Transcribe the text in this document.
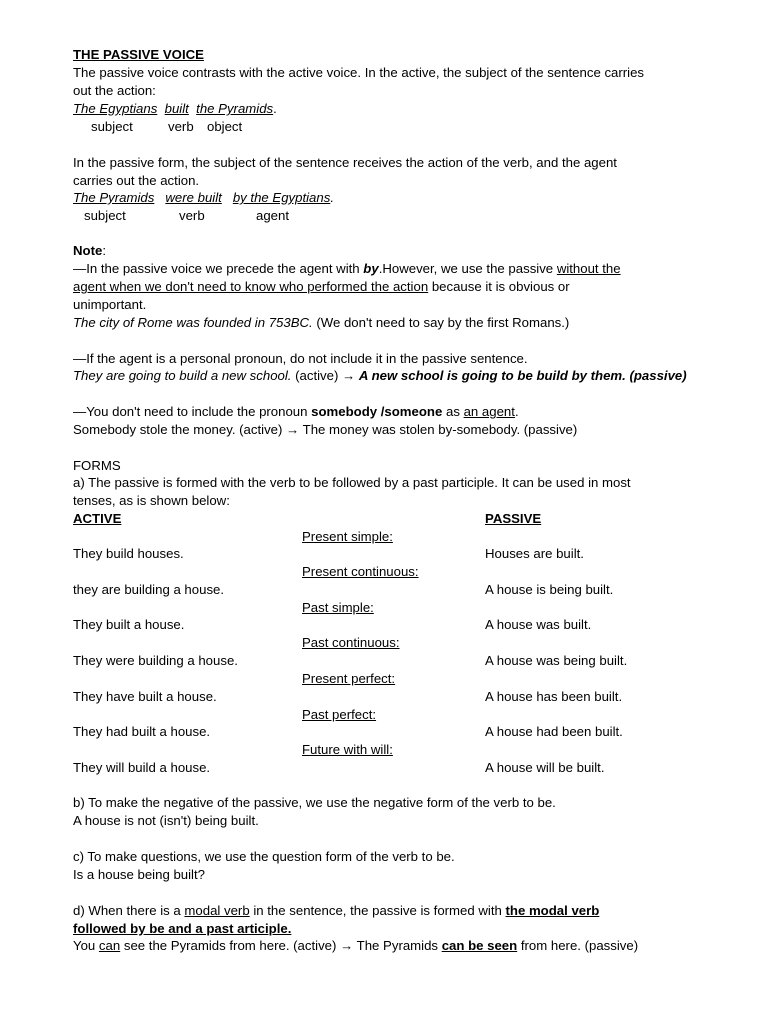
THE PASSIVE VOICE
The passive voice contrasts with the active voice. In the active, the subject of the sentence carries
out the action:
The Egyptians built the Pyramids.
subject	verb object
In the passive form, the subject of the sentence receives the action of the verb, and the agent
carries out the action.
The Pyramids were built by the Egyptians.
subject	verb	agent
Note:
—In the passive voice we precede the agent with by.However, we use the passive without the
agent when we don't need to know who performed the action because it is obvious or
unimportant.
The city of Rome was founded in 753BC. (We don't need to say by the first Romans.)
—If the agent is a personal pronoun, do not include it in the passive sentence.
They are going to build a new school. (active) → A new school is going to be build by them. (passive)
—You don't need to include the pronoun somebody /someone as an agent.
Somebody stole the money. (active) → The money was stolen by-somebody. (passive)
FORMS
a) The passive is formed with the verb to be followed by a past participle. It can be used in most
tenses, as is shown below:
ACTIVE	PASSIVE
Present simple:
They build houses.	Houses are built.
Present continuous:
they are building a house.	A house is being built.
Past simple:
They built a house.	A house was built.
Past continuous:
They were building a house.	A house was being built.
Present perfect:
They have built a house.	A house has been built.
Past perfect:
They had built a house.	A house had been built.
Future with will:
They will build a house.	A house will be built.
b) To make the negative of the passive, we use the negative form of the verb to be.
A house is not (isn't) being built.
c) To make questions, we use the question form of the verb to be.
Is a house being built?
d) When there is a modal verb in the sentence, the passive is formed with the modal verb
followed by be and a past articiple.
You can see the Pyramids from here. (active) → The Pyramids can be seen from here. (passive)
